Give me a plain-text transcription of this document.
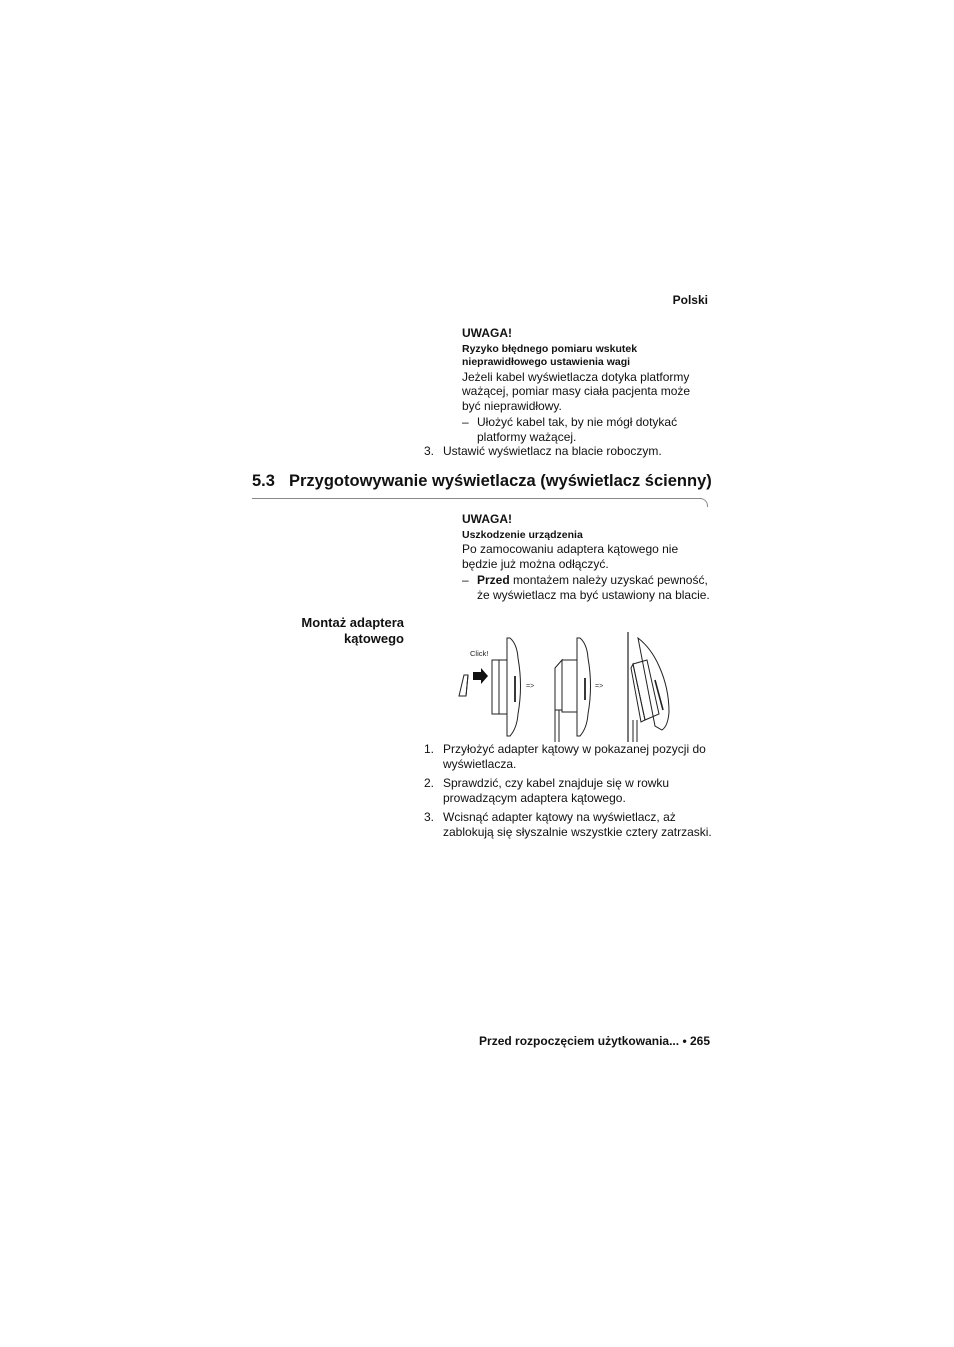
Polski
UWAGA!
Ryzyko błędnego pomiaru wskutek nieprawidłowego ustawienia wagi
Jeżeli kabel wyświetlacza dotyka platformy ważącej, pomiar masy ciała pacjenta może być nieprawidłowy.
– Ułożyć kabel tak, by nie mógł dotykać platformy ważącej.
3. Ustawić wyświetlacz na blacie roboczym.
5.3 Przygotowywanie wyświetlacza (wyświetlacz ścienny)
UWAGA!
Uszkodzenie urządzenia
Po zamocowaniu adaptera kątowego nie będzie już można odłączyć.
– Przed montażem należy uzyskać pewność, że wyświetlacz ma być ustawiony na blacie.
Montaż adaptera
kątowego
Click!
=>	=>
1. Przyłożyć adapter kątowy w pokazanej pozycji do wyświetlacza.
2. Sprawdzić, czy kabel znajduje się w rowku prowadzącym adaptera kątowego.
3. Wcisnąć adapter kątowy na wyświetlacz, aż zablokują się słyszalnie wszystkie cztery zatrzaski.
Przed rozpoczęciem użytkowania... • 265
